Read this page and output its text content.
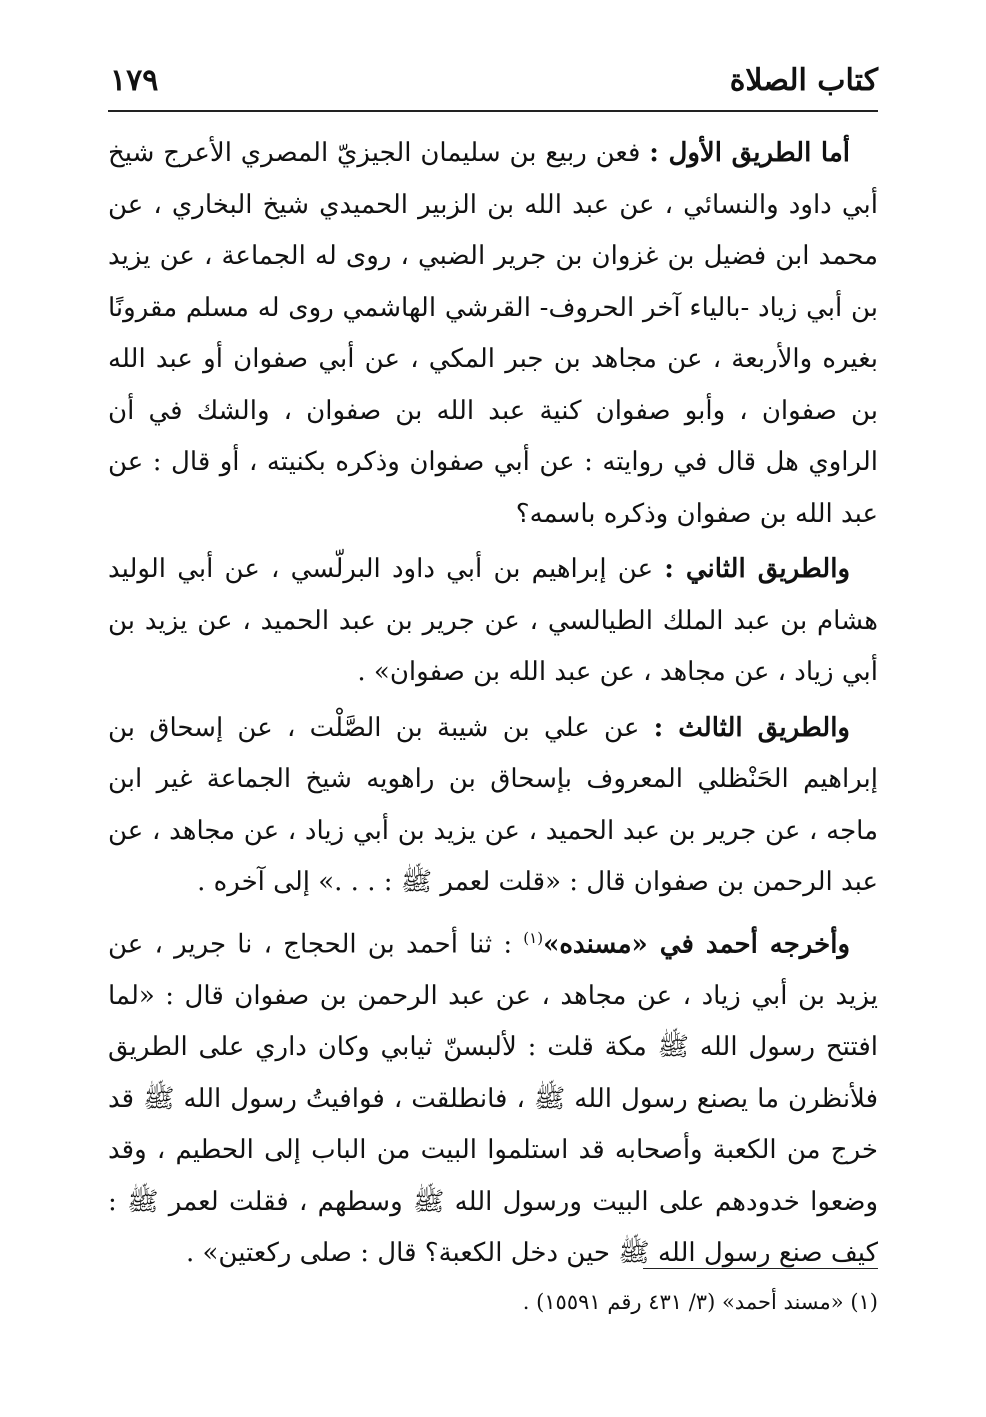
كتاب الصلاة
١٧٩

أما الطريق الأول : فعن ربيع بن سليمان الجيزيّ المصري الأعرج شيخ أبي داود والنسائي ، عن عبد الله بن الزبير الحميدي شيخ البخاري ، عن محمد ابن فضيل بن غزوان بن جرير الضبي ، روى له الجماعة ، عن يزيد بن أبي زياد -بالياء آخر الحروف- القرشي الهاشمي روى له مسلم مقرونًا بغيره والأربعة ، عن مجاهد بن جبر المكي ، عن أبي صفوان أو عبد الله بن صفوان ، وأبو صفوان كنية عبد الله بن صفوان ، والشك في أن الراوي هل قال في روايته : عن أبي صفوان وذكره بكنيته ، أو قال : عن عبد الله بن صفوان وذكره باسمه؟

والطريق الثاني : عن إبراهيم بن أبي داود البرلّسي ، عن أبي الوليد هشام بن عبد الملك الطيالسي ، عن جرير بن عبد الحميد ، عن يزيد بن أبي زياد ، عن مجاهد ، عن عبد الله بن صفوان» .

والطريق الثالث : عن علي بن شيبة بن الصَّلْت ، عن إسحاق بن إبراهيم الحَنْظلي المعروف بإسحاق بن راهويه شيخ الجماعة غير ابن ماجه ، عن جرير بن عبد الحميد ، عن يزيد بن أبي زياد ، عن مجاهد ، عن عبد الرحمن بن صفوان قال : «قلت لعمر ﷺ : . . .» إلى آخره .

وأخرجه أحمد في «مسنده»$^{(١)}$ : ثنا أحمد بن الحجاج ، نا جرير ، عن يزيد بن أبي زياد ، عن مجاهد ، عن عبد الرحمن بن صفوان قال : «لما افتتح رسول الله ﷺ مكة قلت : لألبسنّ ثيابي وكان داري على الطريق فلأنظرن ما يصنع رسول الله ﷺ ، فانطلقت ، فوافيتُ رسول الله ﷺ قد خرج من الكعبة وأصحابه قد استلموا البيت من الباب إلى الحطيم ، وقد وضعوا خدودهم على البيت ورسول الله ﷺ وسطهم ، فقلت لعمر ﷺ : كيف صنع رسول الله ﷺ حين دخل الكعبة؟ قال : صلى ركعتين» .

(١) «مسند أحمد» (٣/ ٤٣١ رقم ١٥٥٩١) .
